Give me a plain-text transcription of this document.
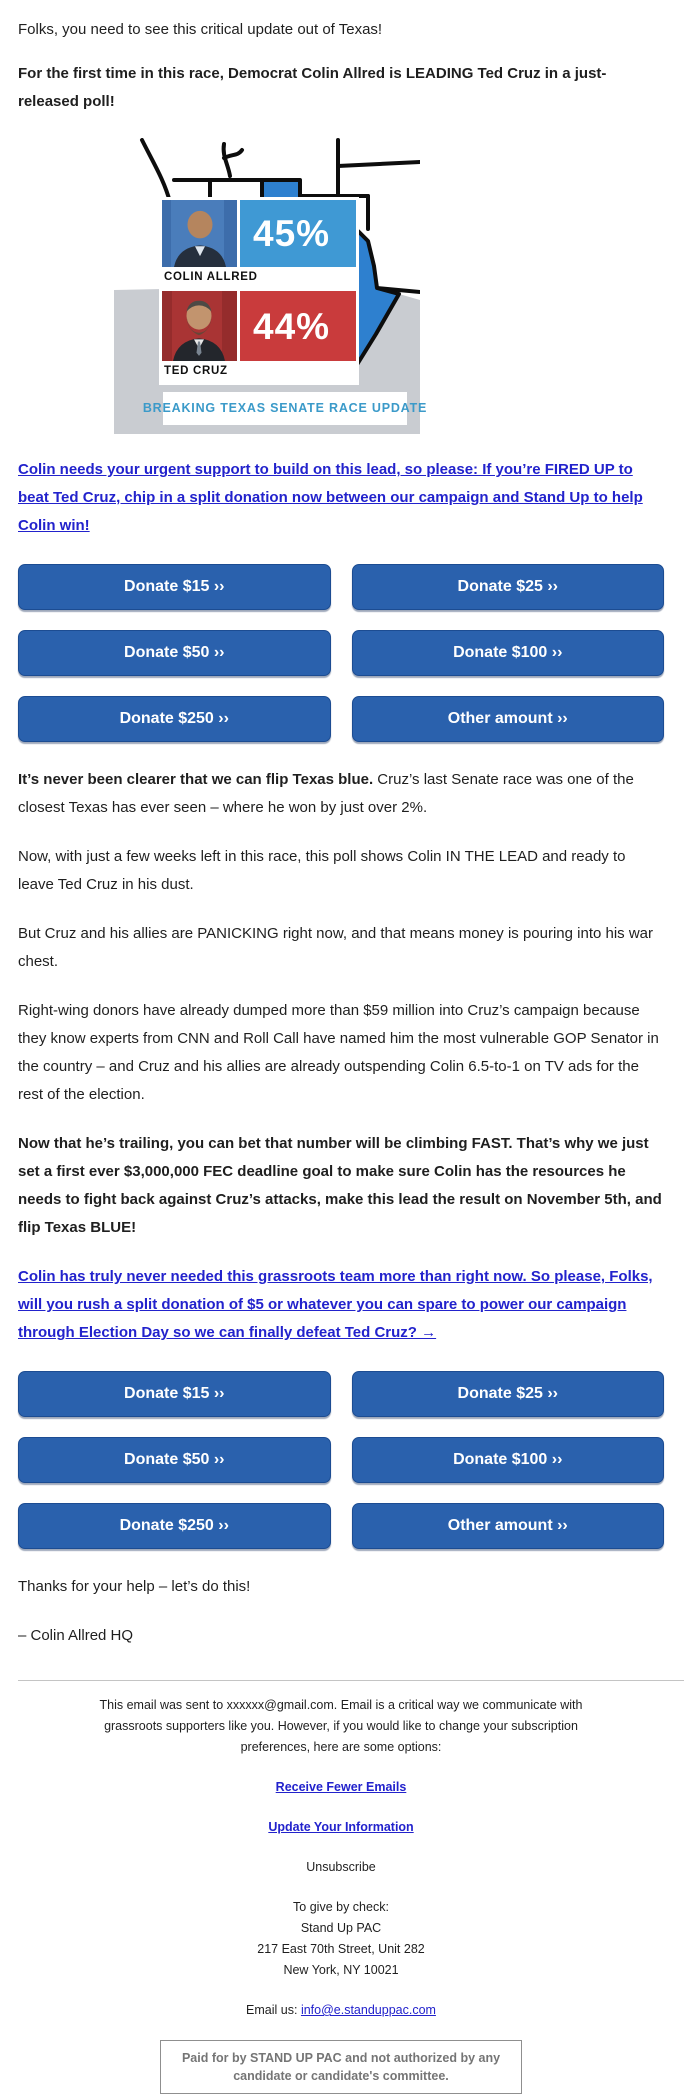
Folks, you need to see this critical update out of Texas!

For the first time in this race, Democrat Colin Allred is LEADING Ted Cruz in a just-released poll!

45%
COLIN ALLRED
44%
TED CRUZ
BREAKING TEXAS SENATE RACE UPDATE

Colin needs your urgent support to build on this lead, so please: If you’re FIRED UP to beat Ted Cruz, chip in a split donation now between our campaign and Stand Up to help Colin win!

Donate $15 ››	Donate $25 ››
Donate $50 ››	Donate $100 ››
Donate $250 ››	Other amount ››

It’s never been clearer that we can flip Texas blue. Cruz’s last Senate race was one of the closest Texas has ever seen – where he won by just over 2%.

Now, with just a few weeks left in this race, this poll shows Colin IN THE LEAD and ready to leave Ted Cruz in his dust.

But Cruz and his allies are PANICKING right now, and that means money is pouring into his war chest.

Right-wing donors have already dumped more than $59 million into Cruz’s campaign because they know experts from CNN and Roll Call have named him the most vulnerable GOP Senator in the country – and Cruz and his allies are already outspending Colin 6.5-to-1 on TV ads for the rest of the election.

Now that he’s trailing, you can bet that number will be climbing FAST. That’s why we just set a first ever $3,000,000 FEC deadline goal to make sure Colin has the resources he needs to fight back against Cruz’s attacks, make this lead the result on November 5th, and flip Texas BLUE!

Colin has truly never needed this grassroots team more than right now. So please, Folks, will you rush a split donation of $5 or whatever you can spare to power our campaign through Election Day so we can finally defeat Ted Cruz? →

Donate $15 ››	Donate $25 ››
Donate $50 ››	Donate $100 ››
Donate $250 ››	Other amount ››

Thanks for your help – let’s do this!

– Colin Allred HQ

This email was sent to xxxxxx@gmail.com. Email is a critical way we communicate with grassroots supporters like you. However, if you would like to change your subscription preferences, here are some options:

Receive Fewer Emails

Update Your Information

Unsubscribe

To give by check:

Stand Up PAC

217 East 70th Street, Unit 282

New York, NY 10021

Email us: info@e.standuppac.com

Paid for by STAND UP PAC and not authorized by any candidate or candidate's committee.
